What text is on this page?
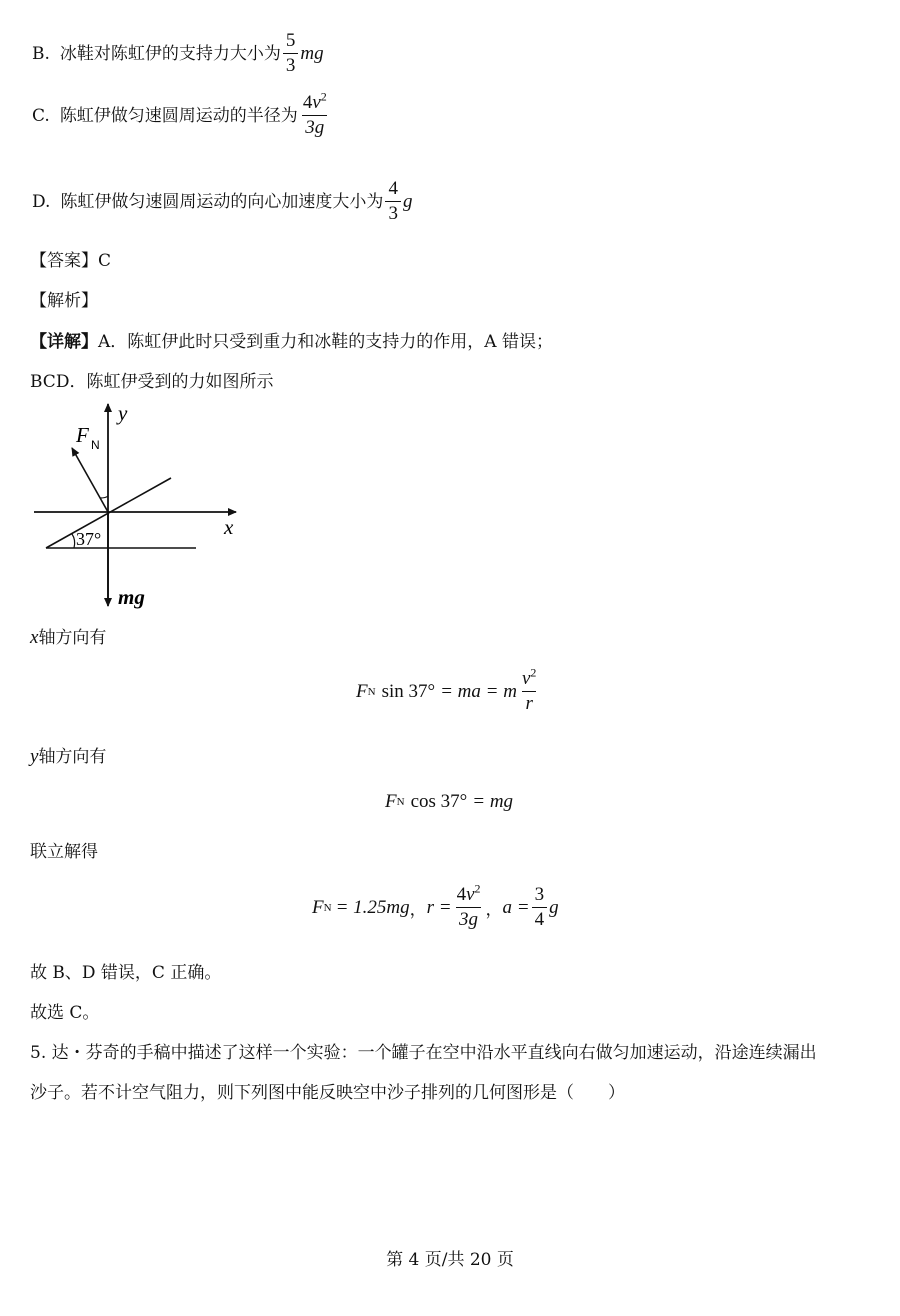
B. 冰鞋对陈虹伊的支持力大小为 $\frac{5}{3}$ mg
C. 陈虹伊做匀速圆周运动的半径为 $\frac{4v^2}{3g}$
D. 陈虹伊做匀速圆周运动的向心加速度大小为 $\frac{4}{3}$ g
【答案】C
【解析】
【详解】A．陈虹伊此时只受到重力和冰鞋的支持力的作用，A 错误；
BCD．陈虹伊受到的力如图所示
y
x
F N
37°
mg
x轴方向有
F N sin 37° = ma = m $\frac{v^2}{r}$
y轴方向有
F N cos 37° = mg
联立解得
F N = 1.25mg ， $r = \frac{4v^2}{3g}$ ， $a = \frac{3}{4}$ g
故 B、D 错误，C 正确。
故选 C。
5. 达・芬奇的手稿中描述了这样一个实验：一个罐子在空中沿水平直线向右做匀加速运动，沿途连续漏出
沙子。若不计空气阻力，则下列图中能反映空中沙子排列的几何图形是（　　）
第 4 页/共 20 页
